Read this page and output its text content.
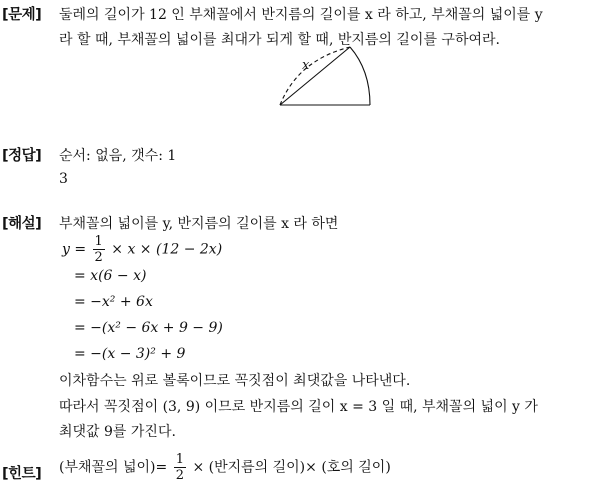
[문제] 둘레의 길이가 12 인 부채꼴에서 반지름의 길이를 x 라 하고, 부채꼴의 넓이를 y
라 할 때, 부채꼴의 넓이를 최대가 되게 할 때, 반지름의 길이를 구하여라.
x
[정답] 순서: 없음, 갯수: 1
3
[해설] 부채꼴의 넓이를 y, 반지름의 길이를 x 라 하면
$y = \frac{1}{2} \times x \times (12 - 2x)$
= x(6 − x)
= −x² + 6x
= −(x² − 6x + 9 − 9)
= −(x − 3)² + 9
이차함수는 위로 볼록이므로 꼭짓점이 최댓값을 나타낸다.
따라서 꼭짓점이 (3, 9) 이므로 반지름의 길이 x = 3 일 때, 부채꼴의 넓이 y 가
최댓값 9를 가진다.
[힌트] (부채꼴의 넓이)= $\frac{1}{2}$ × (반지름의 길이)× (호의 길이)
